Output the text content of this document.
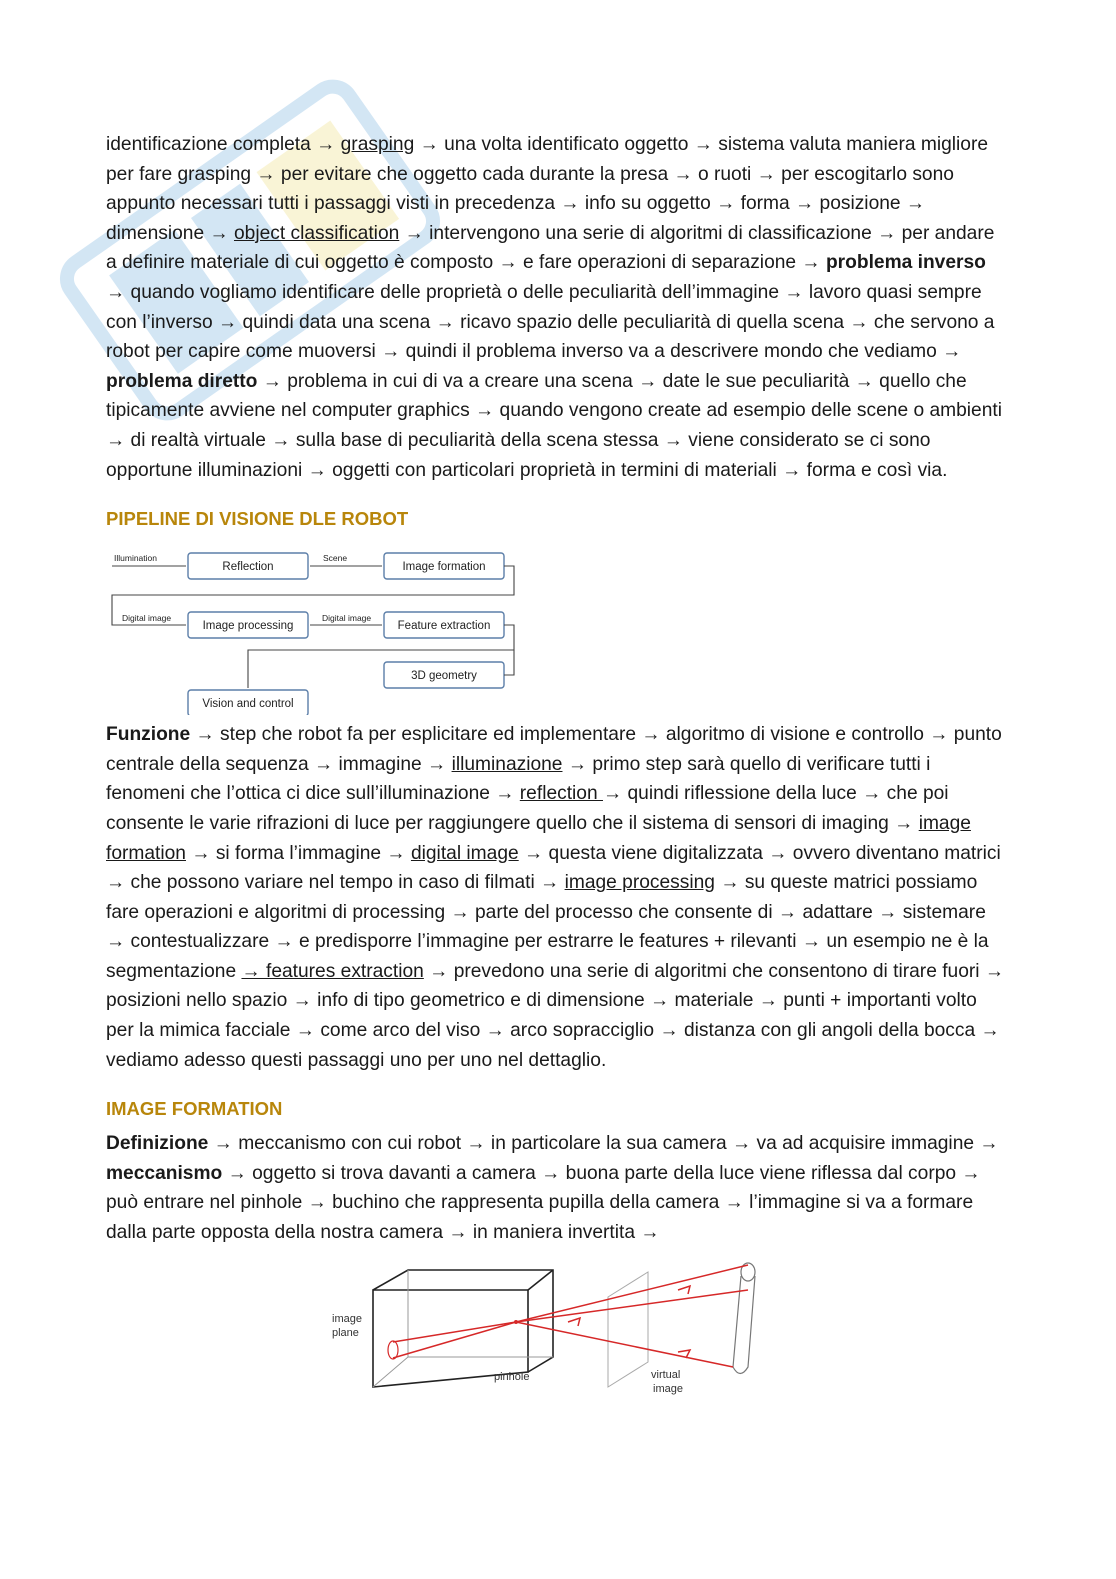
identificazione completa → grasping → una volta identificato oggetto → sistema valuta maniera migliore per fare grasping → per evitare che oggetto cada durante la presa → o ruoti → per escogitarlo sono appunto necessari tutti i passaggi visti in precedenza → info su oggetto → forma → posizione → dimensione → object classification → intervengono una serie di algoritmi di classificazione → per andare a definire materiale di cui oggetto è composto → e fare operazioni di separazione → problema inverso → quando vogliamo identificare delle proprietà o delle peculiarità dell’immagine → lavoro quasi sempre con l’inverso → quindi data una scena → ricavo spazio delle peculiarità di quella scena → che servono a robot per capire come muoversi → quindi il problema inverso va a descrivere mondo che vediamo → problema diretto → problema in cui di va a creare una scena → date le sue peculiarità → quello che tipicamente avviene nel computer graphics → quando vengono create ad esempio delle scene o ambienti → di realtà virtuale → sulla base di peculiarità della scena stessa → viene considerato se ci sono opportune illuminazioni → oggetti con particolari proprietà in termini di materiali → forma e così via.

PIPELINE DI VISIONE DLE ROBOT
Illumination	Scene
Digital image	Digital image
Reflection	Image formation
Image processing	Feature extraction
3D geometry
Vision and control

Funzione → step che robot fa per esplicitare ed implementare → algoritmo di visione e controllo → punto centrale della sequenza → immagine → illuminazione → primo step sarà quello di verificare tutti i fenomeni che l’ottica ci dice sull’illuminazione → reflection → quindi riflessione della luce → che poi consente le varie rifrazioni di luce per raggiungere quello che il sistema di sensori di imaging → image formation → si forma l’immagine → digital image → questa viene digitalizzata → ovvero diventano matrici → che possono variare nel tempo in caso di filmati → image processing → su queste matrici possiamo fare operazioni e algoritmi di processing → parte del processo che consente di → adattare → sistemare → contestualizzare → e predisporre l’immagine per estrarre le features + rilevanti → un esempio ne è la segmentazione → features extraction → prevedono una serie di algoritmi che consentono di tirare fuori → posizioni nello spazio → info di tipo geometrico e di dimensione → materiale → punti + importanti volto per la mimica facciale → come arco del viso → arco sopracciglio → distanza con gli angoli della bocca → vediamo adesso questi passaggi uno per uno nel dettaglio.

IMAGE FORMATION

Definizione → meccanismo con cui robot → in particolare la sua camera → va ad acquisire immagine → meccanismo → oggetto si trova davanti a camera → buona parte della luce viene riflessa dal corpo → può entrare nel pinhole → buchino che rappresenta pupilla della camera → l’immagine si va a formare dalla parte opposta della nostra camera → in maniera invertita →

image
plane
pinhole	virtual
image
